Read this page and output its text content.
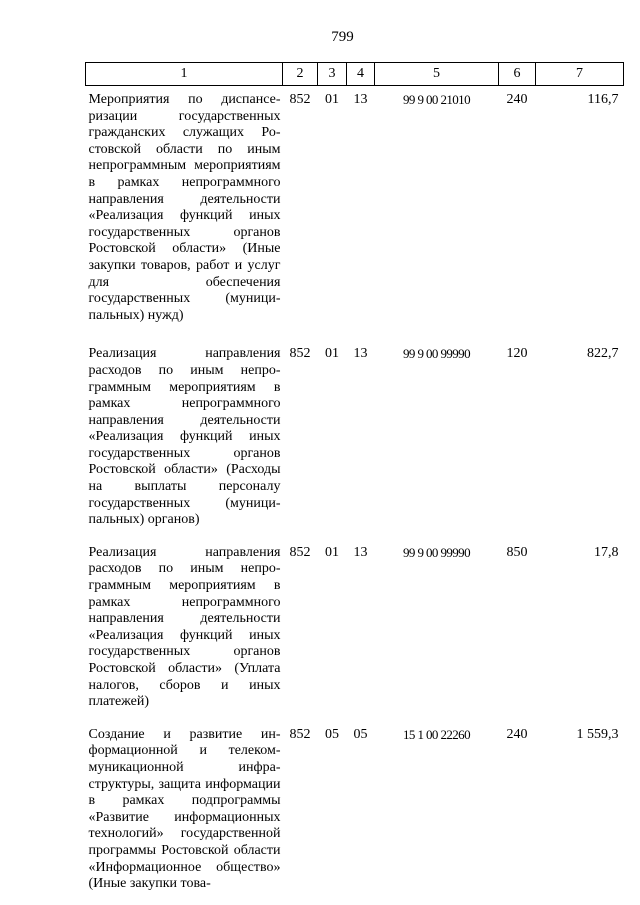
799
1	2	3	4	5	6	7
Мероприятия по диспансеризации государственных гражданских служащих Ростовской области по иным непрограммным мероприятиям в рамках непрограммного направления деятельности «Реализация функций иных государственных органов Ростовской области» (Иные закупки товаров, работ и услуг для обеспечения государственных (муниципальных) нужд)	852	01	13	99 9 00 21010	240	116,7

Реализация направления расходов по иным непрограммным мероприятиям в рамках непрограммного направления деятельности «Реализация функций иных государственных органов Ростовской области» (Расходы на выплаты персоналу государственных (муниципальных) органов)	852	01	13	99 9 00 99990	120	822,7

Реализация направления расходов по иным непрограммным мероприятиям в рамках непрограммного направления деятельности «Реализация функций иных государственных органов Ростовской области» (Уплата налогов, сборов и иных платежей)	852	01	13	99 9 00 99990	850	17,8

Создание и развитие информационной и телекоммуникационной инфраструктуры, защита информации в рамках подпрограммы «Развитие информационных технологий» государственной программы Ростовской области «Информационное общество» (Иные закупки това-	852	05	05	15 1 00 22260	240	1 559,3
